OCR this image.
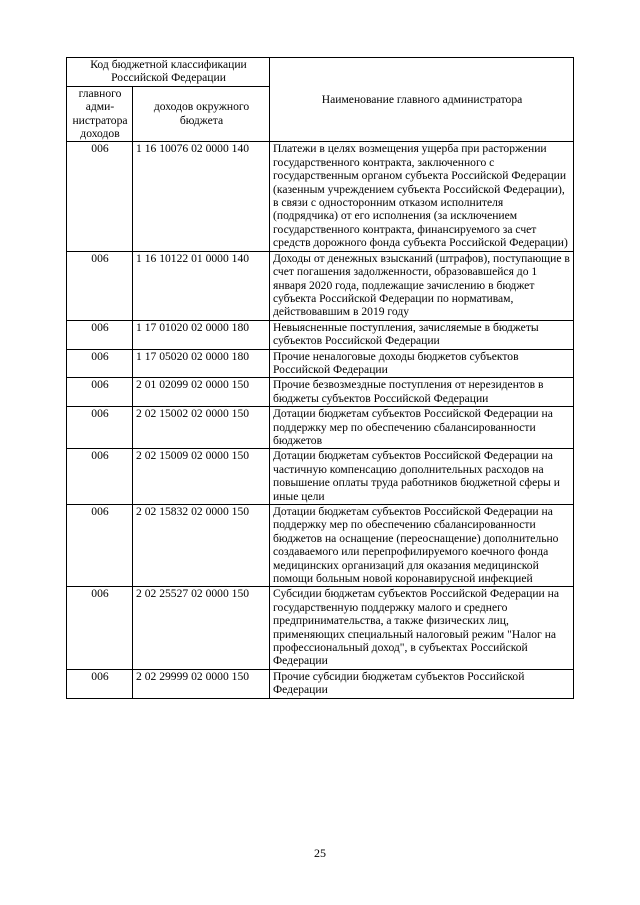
Код бюджетной классификации Российской Федерации		Наименование главного администратора
главного адми-нистратора доходов	доходов окружного бюджета	
006	1 16 10076 02 0000 140	Платежи в целях возмещения ущерба при расторжении государственного контракта, заключенного с государственным органом субъекта Российской Федерации (казенным учреждением субъекта Российской Федерации), в связи с односторонним отказом исполнителя (подрядчика) от его исполнения (за исключением государственного контракта, финансируемого за счет средств дорожного фонда субъекта Российской Федерации)
006	1 16 10122 01 0000 140	Доходы от денежных взысканий (штрафов), поступающие в счет погашения задолженности, образовавшейся до 1 января 2020 года, подлежащие зачислению в бюджет субъекта Российской Федерации по нормативам, действовавшим в 2019 году
006	1 17 01020 02 0000 180	Невыясненные поступления, зачисляемые в бюджеты субъектов Российской Федерации
006	1 17 05020 02 0000 180	Прочие неналоговые доходы бюджетов субъектов Российской Федерации
006	2 01 02099 02 0000 150	Прочие безвозмездные поступления от нерезидентов в бюджеты субъектов Российской Федерации
006	2 02 15002 02 0000 150	Дотации бюджетам субъектов Российской Федерации на поддержку мер по обеспечению сбалансированности бюджетов
006	2 02 15009 02 0000 150	Дотации бюджетам субъектов Российской Федерации на частичную компенсацию дополнительных расходов на повышение оплаты труда работников бюджетной сферы и иные цели
006	2 02 15832 02 0000 150	Дотации бюджетам субъектов Российской Федерации на поддержку мер по обеспечению сбалансированности бюджетов на оснащение (переоснащение) дополнительно создаваемого или перепрофилируемого коечного фонда медицинских организаций для оказания медицинской помощи больным новой коронавирусной инфекцией
006	2 02 25527 02 0000 150	Субсидии бюджетам субъектов Российской Федерации на государственную поддержку малого и среднего предпринимательства, а также физических лиц, применяющих специальный налоговый режим "Налог на профессиональный доход", в субъектах Российской Федерации
006	2 02 29999 02 0000 150	Прочие субсидии бюджетам субъектов Российской Федерации
25
